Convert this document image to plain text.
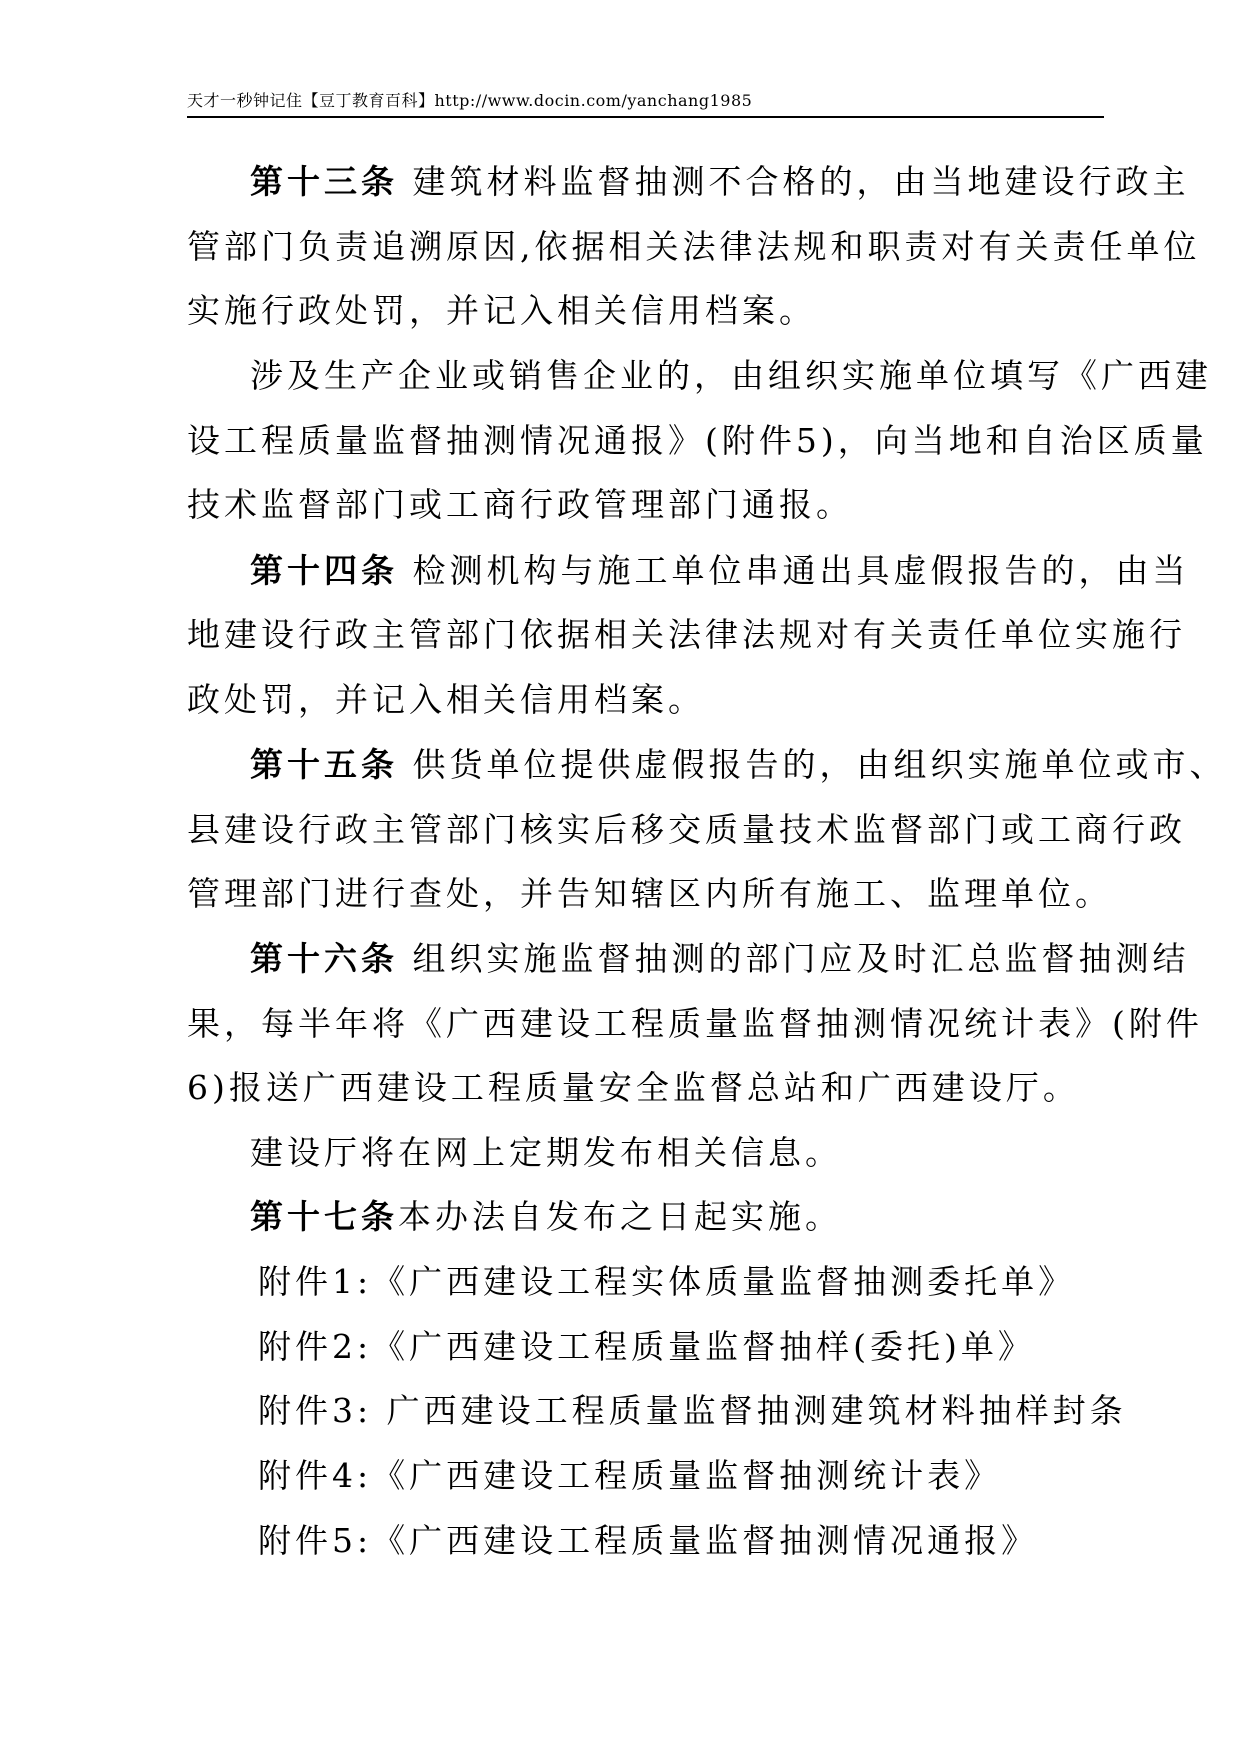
天才一秒钟记住【豆丁教育百科】http://www.docin.com/yanchang1985
第十三条 建筑材料监督抽测不合格的，由当地建设行政主
管部门负责追溯原因,依据相关法律法规和职责对有关责任单位
实施行政处罚，并记入相关信用档案。
涉及生产企业或销售企业的，由组织实施单位填写《广西建
设工程质量监督抽测情况通报》(附件5)，向当地和自治区质量
技术监督部门或工商行政管理部门通报。
第十四条 检测机构与施工单位串通出具虚假报告的，由当
地建设行政主管部门依据相关法律法规对有关责任单位实施行
政处罚，并记入相关信用档案。
第十五条 供货单位提供虚假报告的，由组织实施单位或市、
县建设行政主管部门核实后移交质量技术监督部门或工商行政
管理部门进行查处，并告知辖区内所有施工、监理单位。
第十六条 组织实施监督抽测的部门应及时汇总监督抽测结
果，每半年将《广西建设工程质量监督抽测情况统计表》(附件
6)报送广西建设工程质量安全监督总站和广西建设厅。
建设厅将在网上定期发布相关信息。
第十七条本办法自发布之日起实施。
附件1:《广西建设工程实体质量监督抽测委托单》
附件2:《广西建设工程质量监督抽样(委托)单》
附件3: 广西建设工程质量监督抽测建筑材料抽样封条
附件4:《广西建设工程质量监督抽测统计表》
附件5:《广西建设工程质量监督抽测情况通报》
